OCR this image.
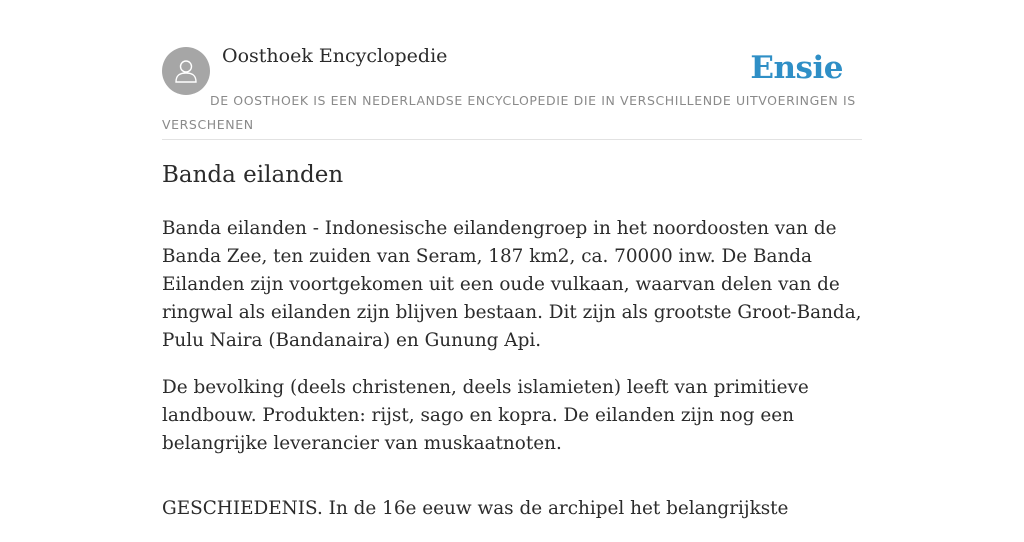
Oosthoek Encyclopedie	Ensie
DE OOSTHOEK IS EEN NEDERLANDSE ENCYCLOPEDIE DIE IN VERSCHILLENDE UITVOERINGEN IS VERSCHENEN
Banda eilanden

Banda eilanden - Indonesische eilandengroep in het noordoosten van de Banda Zee, ten zuiden van Seram, 187 km2, ca. 70000 inw. De Banda Eilanden zijn voortgekomen uit een oude vulkaan, waarvan delen van de ringwal als eilanden zijn blijven bestaan. Dit zijn als grootste Groot-Banda, Pulu Naira (Bandanaira) en Gunung Api.

De bevolking (deels christenen, deels islamieten) leeft van primitieve landbouw. Produkten: rijst, sago en kopra. De eilanden zijn nog een belangrijke leverancier van muskaatnoten.

GESCHIEDENIS. In de 16e eeuw was de archipel het belangrijkste
